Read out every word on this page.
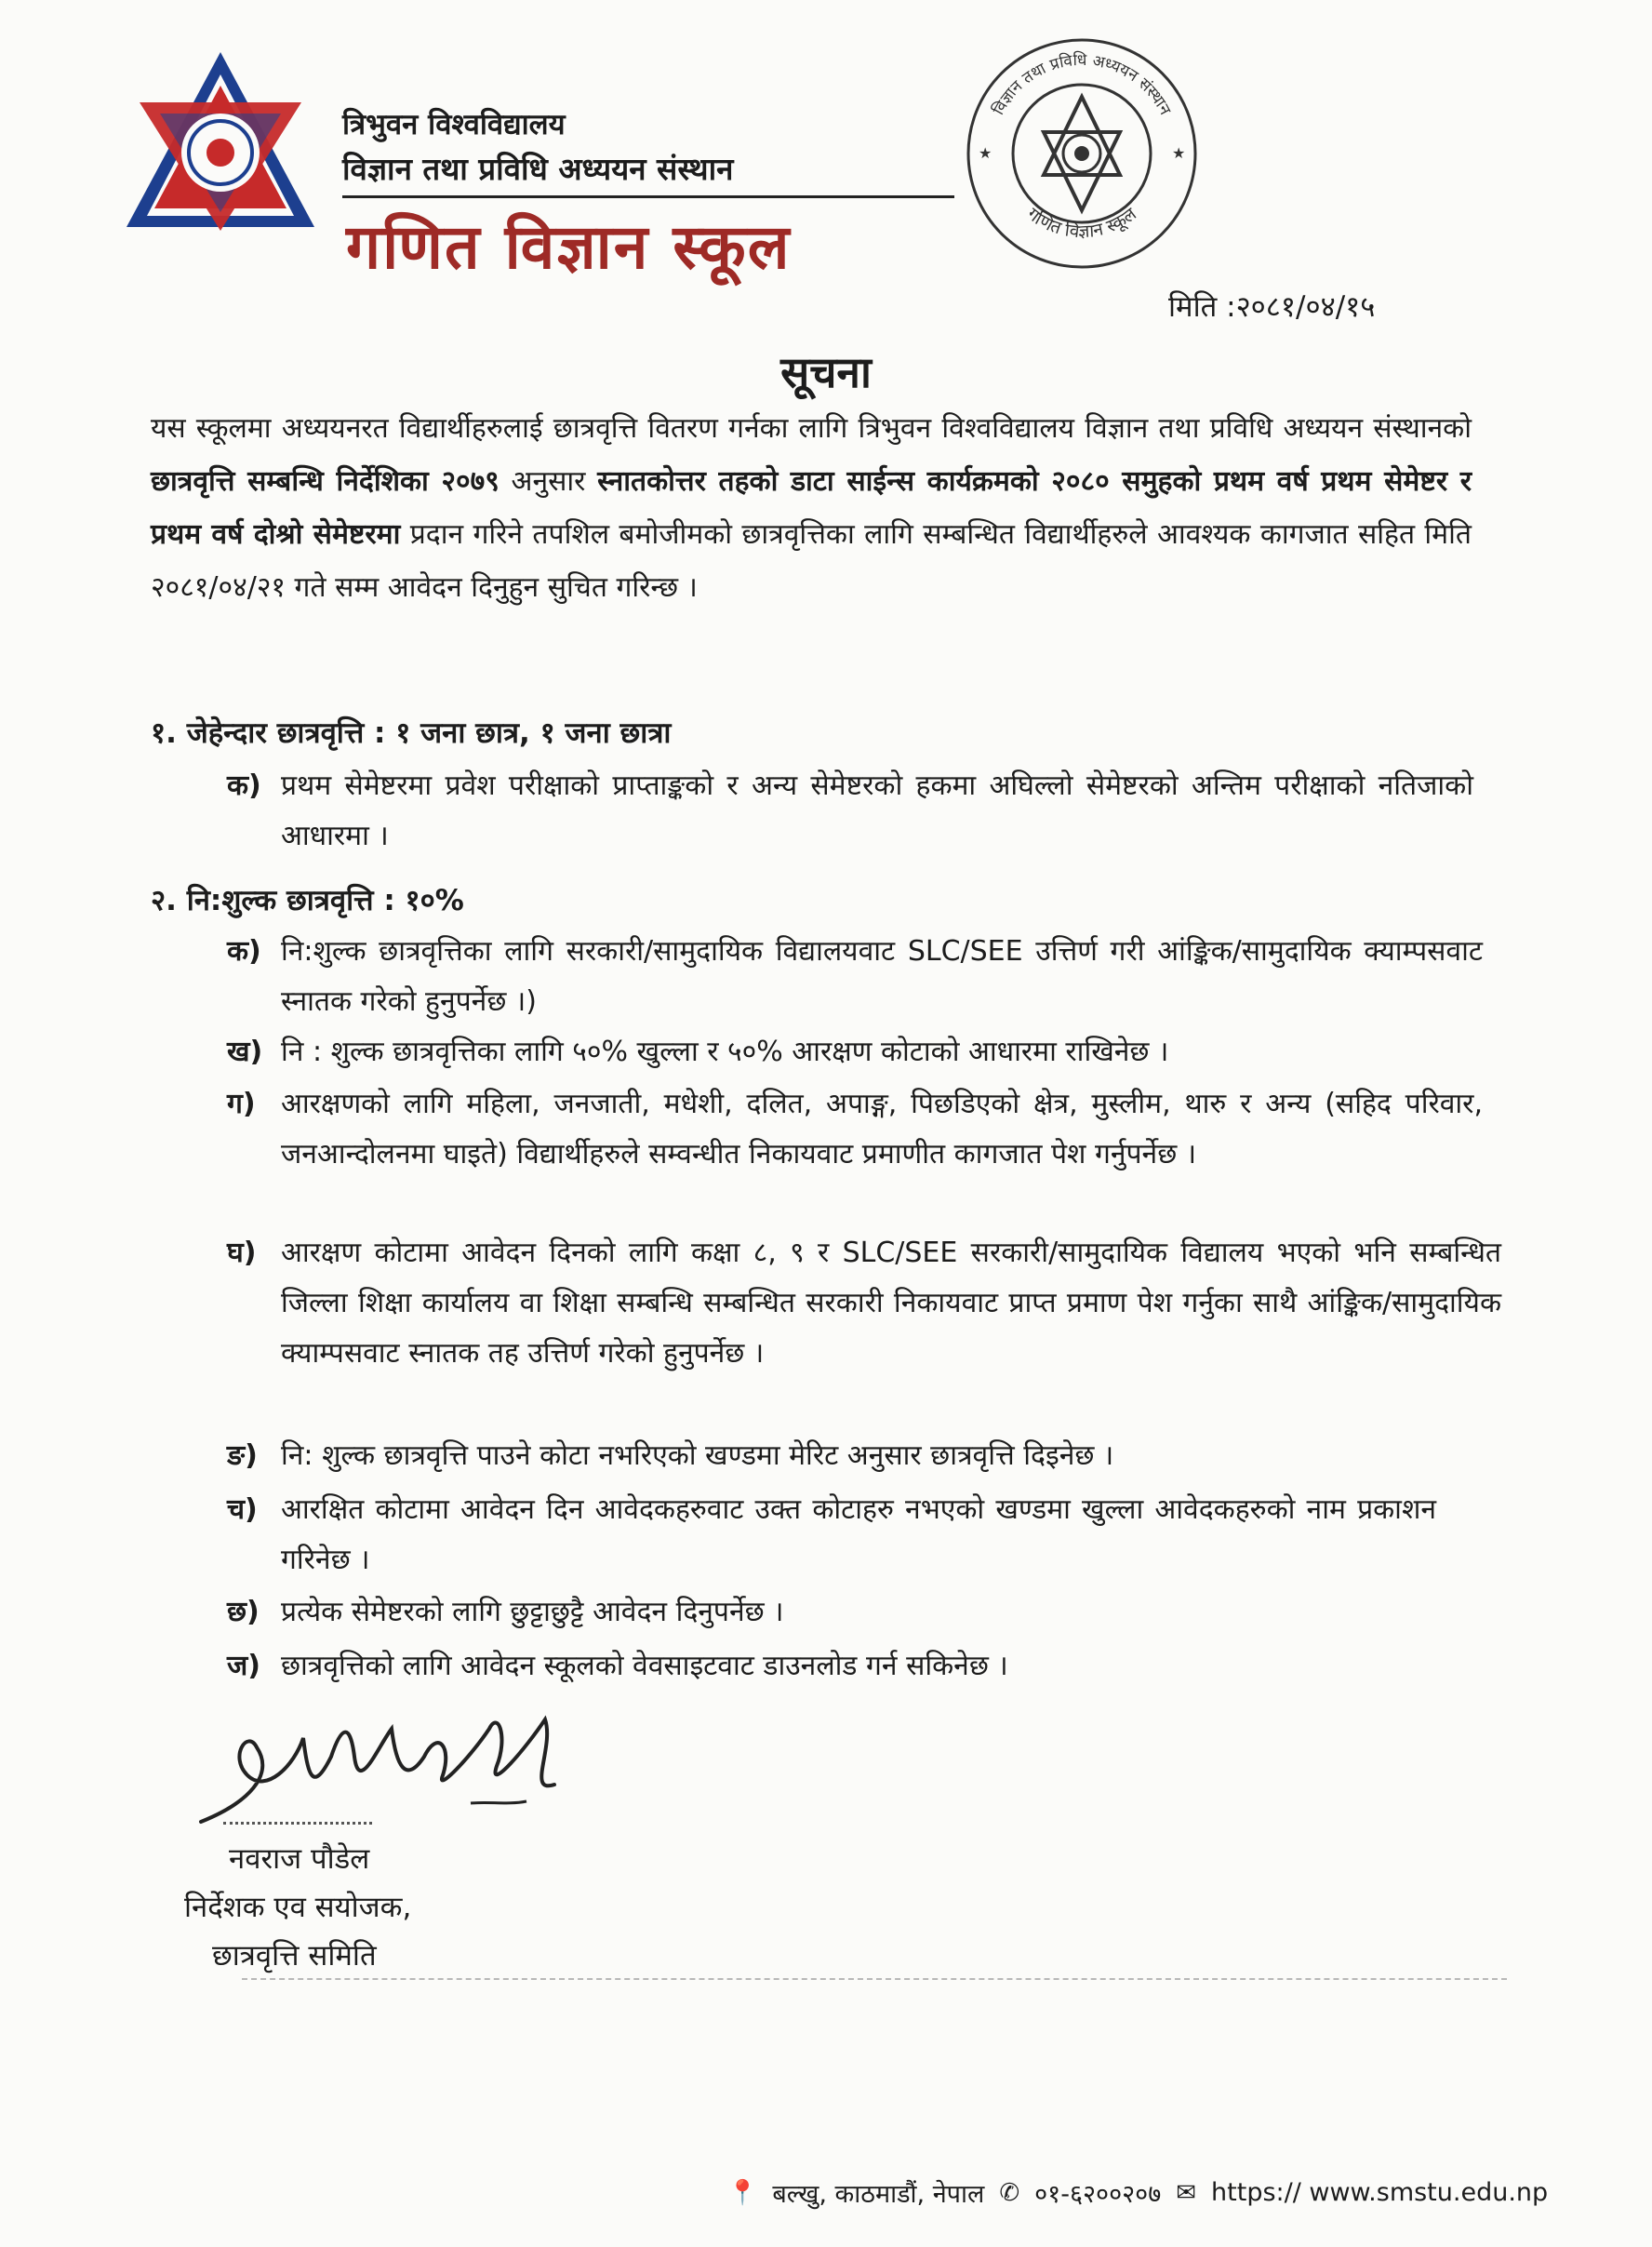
त्रिभुवन विश्वविद्यालय
विज्ञान तथा प्रविधि अध्ययन संस्थान
गणित विज्ञान स्कूल
विज्ञान तथा प्रविधि अध्ययन संस्थान
गणित विज्ञान स्कूल
★	★
मिति :२०८१/०४/१५
सूचना
यस स्कूलमा अध्ययनरत विद्यार्थीहरुलाई छात्रवृत्ति वितरण गर्नका लागि त्रिभुवन विश्वविद्यालय विज्ञान तथा प्रविधि अध्ययन संस्थानको छात्रवृत्ति सम्बन्धि निर्देशिका २०७९ अनुसार स्नातकोत्तर तहको डाटा साईन्स कार्यक्रमको २०८० समुहको प्रथम वर्ष प्रथम सेमेष्टर र प्रथम वर्ष दोश्रो सेमेष्टरमा प्रदान गरिने तपशिल बमोजीमको छात्रवृत्तिका लागि सम्बन्धित विद्यार्थीहरुले आवश्यक कागजात सहित मिति २०८१/०४/२१ गते सम्म आवेदन दिनुहुन सुचित गरिन्छ ।
१. जेहेन्दार छात्रवृत्ति : १ जना छात्र, १ जना छात्रा
क) प्रथम सेमेष्टरमा प्रवेश परीक्षाको प्राप्ताङ्कको र अन्य सेमेष्टरको हकमा अघिल्लो सेमेष्टरको अन्तिम परीक्षाको नतिजाको आधारमा ।
२. नि:शुल्क छात्रवृत्ति : १०%
क) नि:शुल्क छात्रवृत्तिका लागि सरकारी/सामुदायिक विद्यालयवाट SLC/SEE उत्तिर्ण गरी आंङ्किक/सामुदायिक क्याम्पसवाट स्नातक गरेको हुनुपर्नेछ ।)
ख) नि : शुल्क छात्रवृत्तिका लागि ५०% खुल्ला र ५०% आरक्षण कोटाको आधारमा राखिनेछ ।
ग) आरक्षणको लागि महिला, जनजाती, मधेशी, दलित, अपाङ्ग, पिछडिएको क्षेत्र, मुस्लीम, थारु र अन्य (सहिद परिवार, जनआन्दोलनमा घाइते) विद्यार्थीहरुले सम्वन्धीत निकायवाट प्रमाणीत कागजात पेश गर्नुपर्नेछ ।
घ) आरक्षण कोटामा आवेदन दिनको लागि कक्षा ८, ९ र SLC/SEE सरकारी/सामुदायिक विद्यालय भएको भनि सम्बन्धित जिल्ला शिक्षा कार्यालय वा शिक्षा सम्बन्धि सम्बन्धित सरकारी निकायवाट प्राप्त प्रमाण पेश गर्नुका साथै आंङ्किक/सामुदायिक क्याम्पसवाट स्नातक तह उत्तिर्ण गरेको हुनुपर्नेछ ।
ङ) नि: शुल्क छात्रवृत्ति पाउने कोटा नभरिएको खण्डमा मेरिट अनुसार छात्रवृत्ति दिइनेछ ।
च) आरक्षित कोटामा आवेदन दिन आवेदकहरुवाट उक्त कोटाहरु नभएको खण्डमा खुल्ला आवेदकहरुको नाम प्रकाशन गरिनेछ ।
छ) प्रत्येक सेमेष्टरको लागि छुट्टाछुट्टै आवेदन दिनुपर्नेछ ।
ज) छात्रवृत्तिको लागि आवेदन स्कूलको वेवसाइटवाट डाउनलोड गर्न सकिनेछ ।
नवराज पौडेल
निर्देशक एव सयोजक,
छात्रवृत्ति समिति
📍 बल्खु, काठमाडौं, नेपाल ✆ ०१-६२००२०७ ✉ https:// www.smstu.edu.np
